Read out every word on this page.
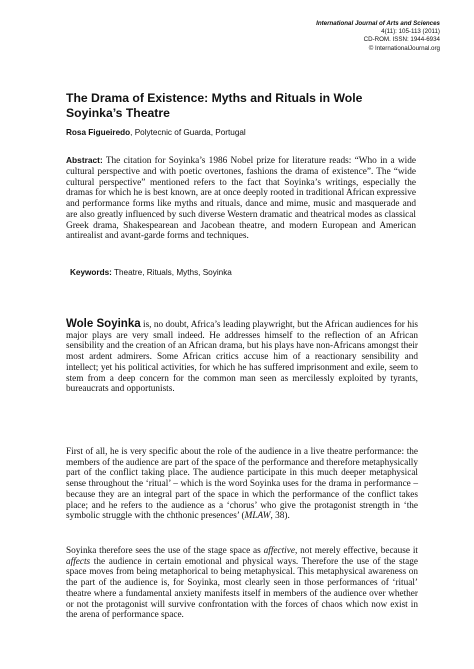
International Journal of Arts and Sciences
4(11): 105-113 (2011)
CD-ROM. ISSN: 1944-6934
© InternationalJournal.org
The Drama of Existence: Myths and Rituals in Wole Soyinka’s Theatre
Rosa Figueiredo, Polytecnic of Guarda, Portugal
Abstract: The citation for Soyinka’s 1986 Nobel prize for literature reads: “Who in a wide cultural perspective and with poetic overtones, fashions the drama of existence”. The “wide cultural perspective” mentioned refers to the fact that Soyinka’s writings, especially the dramas for which he is best known, are at once deeply rooted in traditional African expressive and performance forms like myths and rituals, dance and mime, music and masquerade and are also greatly influenced by such diverse Western dramatic and theatrical modes as classical Greek drama, Shakespearean and Jacobean theatre, and modern European and American antirealist and avant-garde forms and techniques.
Keywords: Theatre, Rituals, Myths, Soyinka

Wole Soyinka is, no doubt, Africa’s leading playwright, but the African audiences for his major plays are very small indeed. He addresses himself to the reflection of an African sensibility and the creation of an African drama, but his plays have non-Africans amongst their most ardent admirers. Some African critics accuse him of a reactionary sensibility and intellect; yet his political activities, for which he has suffered imprisonment and exile, seem to stem from a deep concern for the common man seen as mercilessly exploited by tyrants, bureaucrats and opportunists.

First of all, he is very specific about the role of the audience in a live theatre performance: the members of the audience are part of the space of the performance and therefore metaphysically part of the conflict taking place. The audience participate in this much deeper metaphysical sense throughout the ‘ritual’ – which is the word Soyinka uses for the drama in performance – because they are an integral part of the space in which the performance of the conflict takes place; and he refers to the audience as a ‘chorus’ who give the protagonist strength in ‘the symbolic struggle with the chthonic presences’ (MLAW, 38).

Soyinka therefore sees the use of the stage space as affective, not merely effective, because it affects the audience in certain emotional and physical ways. Therefore the use of the stage space moves from being metaphorical to being metaphysical. This metaphysical awareness on the part of the audience is, for Soyinka, most clearly seen in those performances of ‘ritual’ theatre where a fundamental anxiety manifests itself in members of the audience over whether or not the protagonist will survive confrontation with the forces of chaos which now exist in the arena of performance space.
